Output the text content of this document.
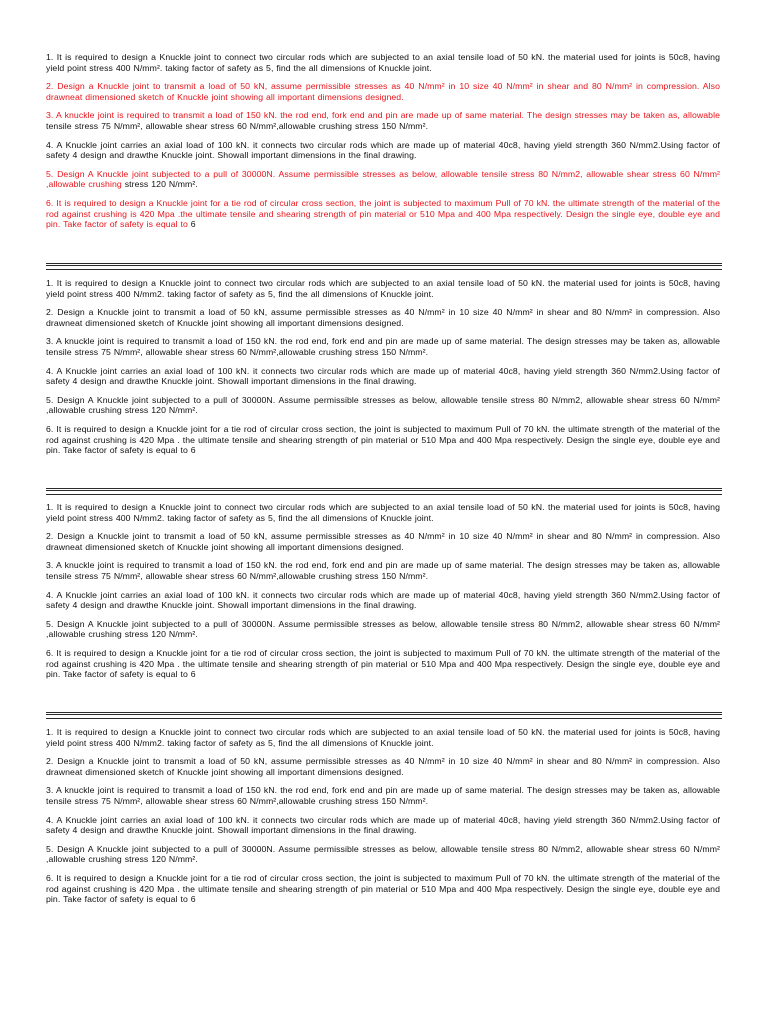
1. It is required to design a Knuckle joint to connect two circular rods which are subjected to an axial tensile load of 50 kN. the material used for joints is 50c8, having yield point stress 400 N/mm². taking factor of safety as 5, find the all dimensions of Knuckle joint.

2. Design a Knuckle joint to transmit a load of 50 kN, assume permissible stresses as 40 N/mm² in 10 size 40 N/mm² in shear and 80 N/mm² in compression. Also drawneat dimensioned sketch of Knuckle joint showing all important dimensions designed.

3. A knuckle joint is required to transmit a load of 150 kN. the rod end, fork end and pin are made up of same material. The design stresses may be taken as, allowable tensile stress 75 N/mm², allowable shear stress 60 N/mm²,allowable crushing stress 150 N/mm².

4. A Knuckle joint carries an axial load of 100 kN. it connects two circular rods which are made up of material 40c8, having yield strength 360 N/mm2.Using factor of safety 4 design and drawthe Knuckle joint. Showall important dimensions in the final drawing.

5. Design A Knuckle joint subjected to a pull of 30000N. Assume permissible stresses as below, allowable tensile stress 80 N/mm2, allowable shear stress 60 N/mm² ,allowable crushing stress 120 N/mm².

6. It is required to design a Knuckle joint for a tie rod of circular cross section, the joint is subjected to maximum Pull of 70 kN. the ultimate strength of the material of the rod against crushing is 420 Mpa .the ultimate tensile and shearing strength of pin material or 510 Mpa and 400 Mpa respectively. Design the single eye, double eye and pin. Take factor of safety is equal to 6

1. It is required to design a Knuckle joint to connect two circular rods which are subjected to an axial tensile load of 50 kN. the material used for joints is 50c8, having yield point stress 400 N/mm2. taking factor of safety as 5, find the all dimensions of Knuckle joint.

2. Design a Knuckle joint to transmit a load of 50 kN, assume permissible stresses as 40 N/mm² in 10 size 40 N/mm² in shear and 80 N/mm² in compression. Also drawneat dimensioned sketch of Knuckle joint showing all important dimensions designed.

3. A knuckle joint is required to transmit a load of 150 kN. the rod end, fork end and pin are made up of same material. The design stresses may be taken as, allowable tensile stress 75 N/mm², allowable shear stress 60 N/mm²,allowable crushing stress 150 N/mm².

4. A Knuckle joint carries an axial load of 100 kN. it connects two circular rods which are made up of material 40c8, having yield strength 360 N/mm2.Using factor of safety 4 design and drawthe Knuckle joint. Showall important dimensions in the final drawing.

5. Design A Knuckle joint subjected to a pull of 30000N. Assume permissible stresses as below, allowable tensile stress 80 N/mm2, allowable shear stress 60 N/mm² ,allowable crushing stress 120 N/mm².

6. It is required to design a Knuckle joint for a tie rod of circular cross section, the joint is subjected to maximum Pull of 70 kN. the ultimate strength of the material of the rod against crushing is 420 Mpa . the ultimate tensile and shearing strength of pin material or 510 Mpa and 400 Mpa respectively. Design the single eye, double eye and pin. Take factor of safety is equal to 6

1. It is required to design a Knuckle joint to connect two circular rods which are subjected to an axial tensile load of 50 kN. the material used for joints is 50c8, having yield point stress 400 N/mm2. taking factor of safety as 5, find the all dimensions of Knuckle joint.

2. Design a Knuckle joint to transmit a load of 50 kN, assume permissible stresses as 40 N/mm² in 10 size 40 N/mm² in shear and 80 N/mm² in compression. Also drawneat dimensioned sketch of Knuckle joint showing all important dimensions designed.

3. A knuckle joint is required to transmit a load of 150 kN. the rod end, fork end and pin are made up of same material. The design stresses may be taken as, allowable tensile stress 75 N/mm², allowable shear stress 60 N/mm²,allowable crushing stress 150 N/mm².

4. A Knuckle joint carries an axial load of 100 kN. it connects two circular rods which are made up of material 40c8, having yield strength 360 N/mm2.Using factor of safety 4 design and drawthe Knuckle joint. Showall important dimensions in the final drawing.

5. Design A Knuckle joint subjected to a pull of 30000N. Assume permissible stresses as below, allowable tensile stress 80 N/mm2, allowable shear stress 60 N/mm² ,allowable crushing stress 120 N/mm².

6. It is required to design a Knuckle joint for a tie rod of circular cross section, the joint is subjected to maximum Pull of 70 kN. the ultimate strength of the material of the rod against crushing is 420 Mpa . the ultimate tensile and shearing strength of pin material or 510 Mpa and 400 Mpa respectively. Design the single eye, double eye and pin. Take factor of safety is equal to 6

1. It is required to design a Knuckle joint to connect two circular rods which are subjected to an axial tensile load of 50 kN. the material used for joints is 50c8, having yield point stress 400 N/mm2. taking factor of safety as 5, find the all dimensions of Knuckle joint.

2. Design a Knuckle joint to transmit a load of 50 kN, assume permissible stresses as 40 N/mm² in 10 size 40 N/mm² in shear and 80 N/mm² in compression. Also drawneat dimensioned sketch of Knuckle joint showing all important dimensions designed.

3. A knuckle joint is required to transmit a load of 150 kN. the rod end, fork end and pin are made up of same material. The design stresses may be taken as, allowable tensile stress 75 N/mm², allowable shear stress 60 N/mm²,allowable crushing stress 150 N/mm².

4. A Knuckle joint carries an axial load of 100 kN. it connects two circular rods which are made up of material 40c8, having yield strength 360 N/mm2.Using factor of safety 4 design and drawthe Knuckle joint. Showall important dimensions in the final drawing.

5. Design A Knuckle joint subjected to a pull of 30000N. Assume permissible stresses as below, allowable tensile stress 80 N/mm2, allowable shear stress 60 N/mm² ,allowable crushing stress 120 N/mm².

6. It is required to design a Knuckle joint for a tie rod of circular cross section, the joint is subjected to maximum Pull of 70 kN. the ultimate strength of the material of the rod against crushing is 420 Mpa . the ultimate tensile and shearing strength of pin material or 510 Mpa and 400 Mpa respectively. Design the single eye, double eye and pin. Take factor of safety is equal to 6
